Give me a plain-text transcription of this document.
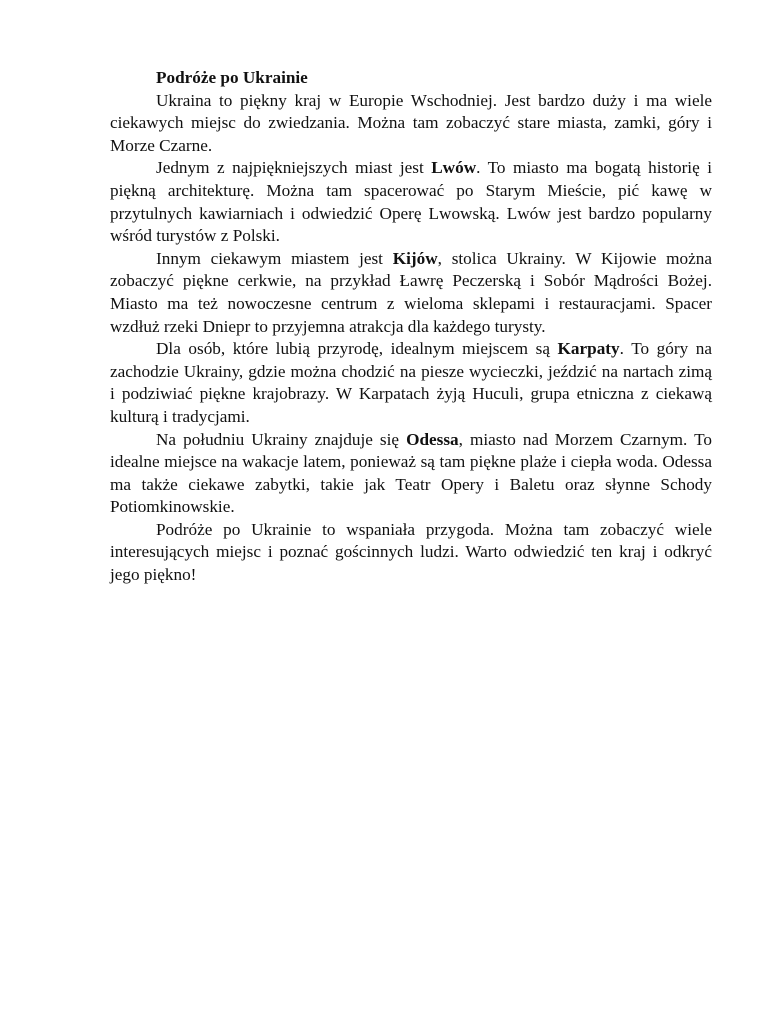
Podróże po Ukrainie

Ukraina to piękny kraj w Europie Wschodniej. Jest bardzo duży i ma wiele ciekawych miejsc do zwiedzania. Można tam zobaczyć stare miasta, zamki, góry i Morze Czarne.

Jednym z najpiękniejszych miast jest Lwów. To miasto ma bogatą historię i piękną architekturę. Można tam spacerować po Starym Mieście, pić kawę w przytulnych kawiarniach i odwiedzić Operę Lwowską. Lwów jest bardzo popularny wśród turystów z Polski.

Innym ciekawym miastem jest Kijów, stolica Ukrainy. W Kijowie można zobaczyć piękne cerkwie, na przykład Ławrę Peczerską i Sobór Mądrości Bożej. Miasto ma też nowoczesne centrum z wieloma sklepami i restauracjami. Spacer wzdłuż rzeki Dniepr to przyjemna atrakcja dla każdego turysty.

Dla osób, które lubią przyrodę, idealnym miejscem są Karpaty. To góry na zachodzie Ukrainy, gdzie można chodzić na piesze wycieczki, jeździć na nartach zimą i podziwiać piękne krajobrazy. W Karpatach żyją Huculi, grupa etniczna z ciekawą kulturą i tradycjami.

Na południu Ukrainy znajduje się Odessa, miasto nad Morzem Czarnym. To idealne miejsce na wakacje latem, ponieważ są tam piękne plaże i ciepła woda. Odessa ma także ciekawe zabytki, takie jak Teatr Opery i Baletu oraz słynne Schody Potiomkinowskie.

Podróże po Ukrainie to wspaniała przygoda. Można tam zobaczyć wiele interesujących miejsc i poznać gościnnych ludzi. Warto odwiedzić ten kraj i odkryć jego piękno!
